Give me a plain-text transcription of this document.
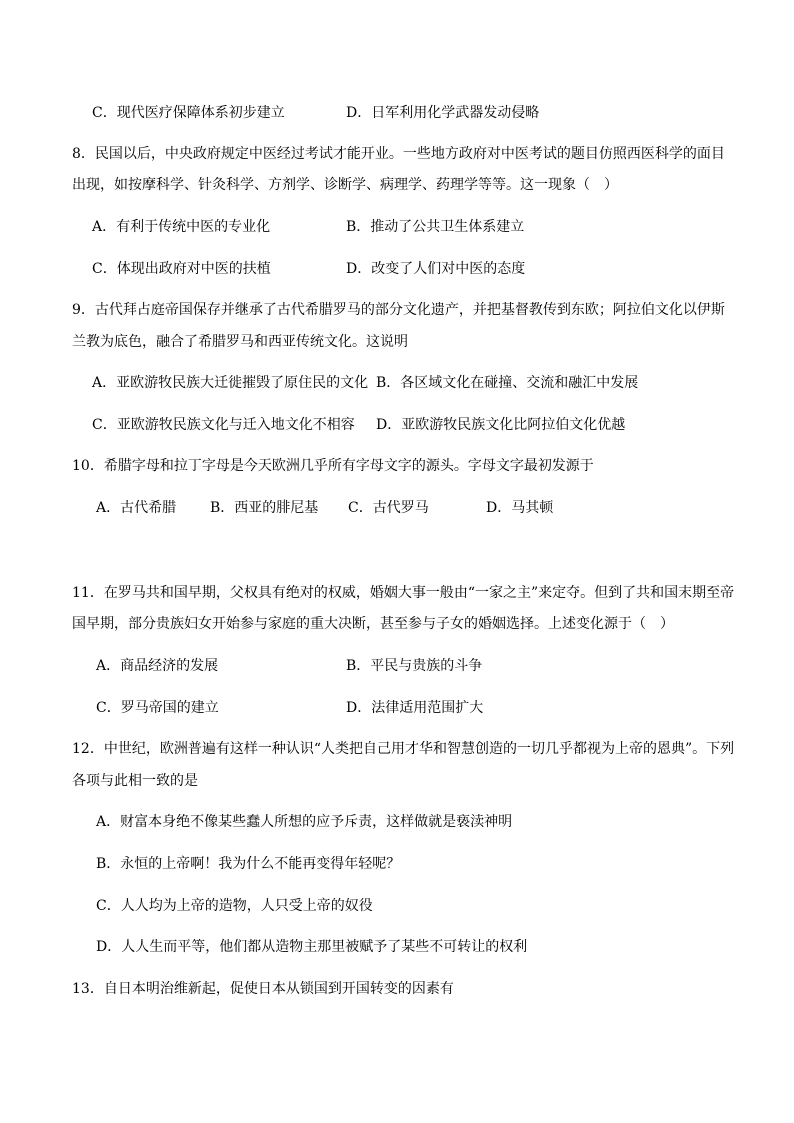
C．现代医疗保障体系初步建立	D．日军利用化学武器发动侵略
8．民国以后，中央政府规定中医经过考试才能开业。一些地方政府对中医考试的题目仿照西医科学的面目
出现，如按摩科学、针灸科学、方剂学、诊断学、病理学、药理学等等。这一现象（　）
A．有利于传统中医的专业化	B．推动了公共卫生体系建立
C．体现出政府对中医的扶植	D．改变了人们对中医的态度
9．古代拜占庭帝国保存并继承了古代希腊罗马的部分文化遗产，并把基督教传到东欧；阿拉伯文化以伊斯
兰教为底色，融合了希腊罗马和西亚传统文化。这说明
A．亚欧游牧民族大迁徙摧毁了原住民的文化 B．各区域文化在碰撞、交流和融汇中发展
C．亚欧游牧民族文化与迁入地文化不相容 D．亚欧游牧民族文化比阿拉伯文化优越
10．希腊字母和拉丁字母是今天欧洲几乎所有字母文字的源头。字母文字最初发源于
A．古代希腊 B．西亚的腓尼基 C．古代罗马	D．马其顿
11．在罗马共和国早期，父权具有绝对的权威，婚姻大事一般由“一家之主”来定夺。但到了共和国末期至帝
国早期，部分贵族妇女开始参与家庭的重大决断，甚至参与子女的婚姻选择。上述变化源于（　）
A．商品经济的发展	B．平民与贵族的斗争
C．罗马帝国的建立	D．法律适用范围扩大
12．中世纪，欧洲普遍有这样一种认识“人类把自己用才华和智慧创造的一切几乎都视为上帝的恩典”。下列
各项与此相一致的是
A．财富本身绝不像某些蠢人所想的应予斥责，这样做就是亵渎神明
B．永恒的上帝啊！我为什么不能再变得年轻呢？
C．人人均为上帝的造物，人只受上帝的奴役
D．人人生而平等，他们都从造物主那里被赋予了某些不可转让的权利
13．自日本明治维新起，促使日本从锁国到开国转变的因素有
